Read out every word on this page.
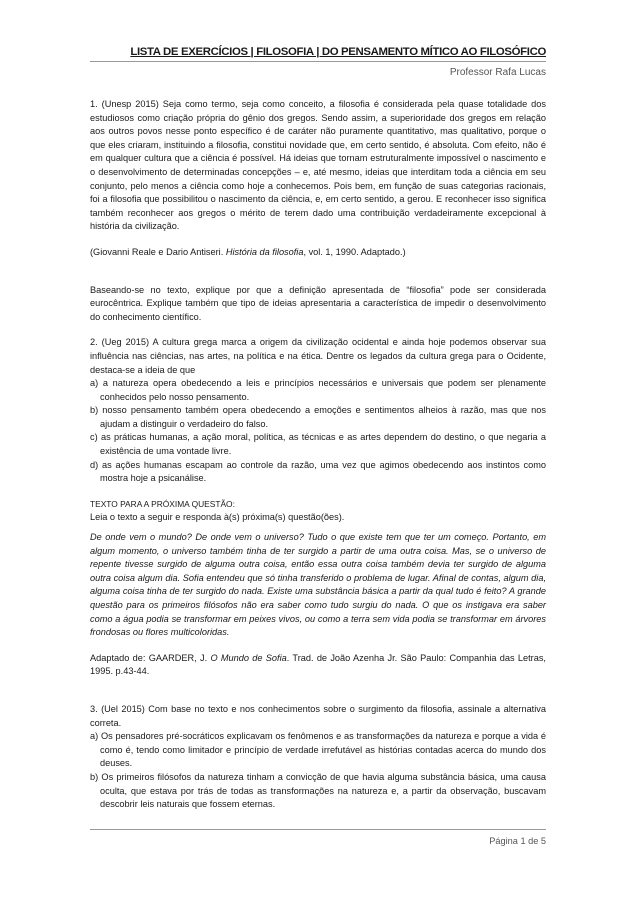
LISTA DE EXERCÍCIOS | FILOSOFIA | DO PENSAMENTO MÍTICO AO FILOSÓFICO
Professor Rafa Lucas

1. (Unesp 2015) Seja como termo, seja como conceito, a filosofia é considerada pela quase totalidade dos estudiosos como criação própria do gênio dos gregos. Sendo assim, a superioridade dos gregos em relação aos outros povos nesse ponto específico é de caráter não puramente quantitativo, mas qualitativo, porque o que eles criaram, instituindo a filosofia, constitui novidade que, em certo sentido, é absoluta. Com efeito, não é em qualquer cultura que a ciência é possível. Há ideias que tornam estruturalmente impossível o nascimento e o desenvolvimento de determinadas concepções – e, até mesmo, ideias que interditam toda a ciência em seu conjunto, pelo menos a ciência como hoje a conhecemos. Pois bem, em função de suas categorias racionais, foi a filosofia que possibilitou o nascimento da ciência, e, em certo sentido, a gerou. E reconhecer isso significa também reconhecer aos gregos o mérito de terem dado uma contribuição verdadeiramente excepcional à história da civilização.

(Giovanni Reale e Dario Antiseri. História da filosofia, vol. 1, 1990. Adaptado.)

Baseando-se no texto, explique por que a definição apresentada de “filosofia” pode ser considerada eurocêntrica. Explique também que tipo de ideias apresentaria a característica de impedir o desenvolvimento do conhecimento científico.

2. (Ueg 2015) A cultura grega marca a origem da civilização ocidental e ainda hoje podemos observar sua influência nas ciências, nas artes, na política e na ética. Dentre os legados da cultura grega para o Ocidente, destaca-se a ideia de que

a) a natureza opera obedecendo a leis e princípios necessários e universais que podem ser plenamente conhecidos pelo nosso pensamento.

b) nosso pensamento também opera obedecendo a emoções e sentimentos alheios à razão, mas que nos ajudam a distinguir o verdadeiro do falso.

c) as práticas humanas, a ação moral, política, as técnicas e as artes dependem do destino, o que negaria a existência de uma vontade livre.

d) as ações humanas escapam ao controle da razão, uma vez que agimos obedecendo aos instintos como mostra hoje a psicanálise.

TEXTO PARA A PRÓXIMA QUESTÃO:

Leia o texto a seguir e responda à(s) próxima(s) questão(ões).

De onde vem o mundo? De onde vem o universo? Tudo o que existe tem que ter um começo. Portanto, em algum momento, o universo também tinha de ter surgido a partir de uma outra coisa. Mas, se o universo de repente tivesse surgido de alguma outra coisa, então essa outra coisa também devia ter surgido de alguma outra coisa algum dia. Sofia entendeu que só tinha transferido o problema de lugar. Afinal de contas, algum dia, alguma coisa tinha de ter surgido do nada. Existe uma substância básica a partir da qual tudo é feito? A grande questão para os primeiros filósofos não era saber como tudo surgiu do nada. O que os instigava era saber como a água podia se transformar em peixes vivos, ou como a terra sem vida podia se transformar em árvores frondosas ou flores multicoloridas.

Adaptado de: GAARDER, J. O Mundo de Sofia. Trad. de João Azenha Jr. São Paulo: Companhia das Letras, 1995. p.43-44.

3. (Uel 2015) Com base no texto e nos conhecimentos sobre o surgimento da filosofia, assinale a alternativa correta.

a) Os pensadores pré-socráticos explicavam os fenômenos e as transformações da natureza e porque a vida é como é, tendo como limitador e princípio de verdade irrefutável as histórias contadas acerca do mundo dos deuses.

b) Os primeiros filósofos da natureza tinham a convicção de que havia alguma substância básica, uma causa oculta, que estava por trás de todas as transformações na natureza e, a partir da observação, buscavam descobrir leis naturais que fossem eternas.

Página 1 de 5
